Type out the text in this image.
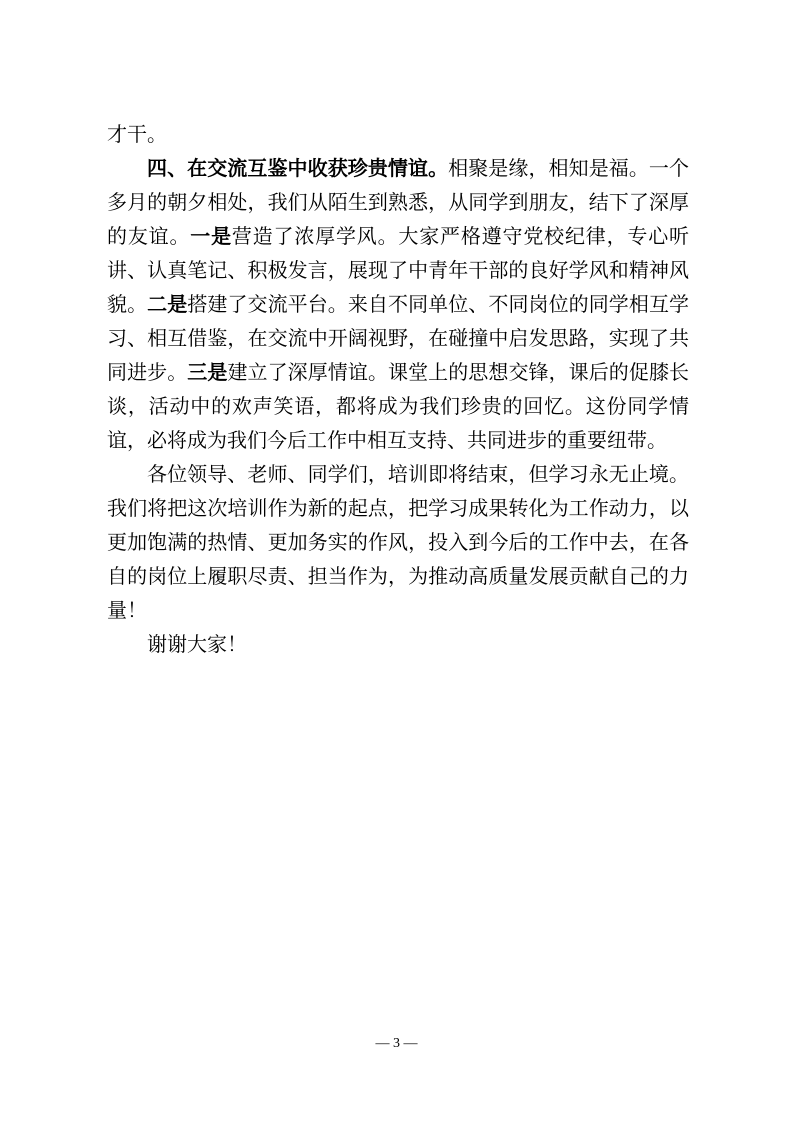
才干。

四、在交流互鉴中收获珍贵情谊。相聚是缘，相知是福。一个多月的朝夕相处，我们从陌生到熟悉，从同学到朋友，结下了深厚的友谊。一是营造了浓厚学风。大家严格遵守党校纪律，专心听讲、认真笔记、积极发言，展现了中青年干部的良好学风和精神风貌。二是搭建了交流平台。来自不同单位、不同岗位的同学相互学习、相互借鉴，在交流中开阔视野，在碰撞中启发思路，实现了共同进步。三是建立了深厚情谊。课堂上的思想交锋，课后的促膝长谈，活动中的欢声笑语，都将成为我们珍贵的回忆。这份同学情谊，必将成为我们今后工作中相互支持、共同进步的重要纽带。

各位领导、老师、同学们，培训即将结束，但学习永无止境。我们将把这次培训作为新的起点，把学习成果转化为工作动力，以更加饱满的热情、更加务实的作风，投入到今后的工作中去，在各自的岗位上履职尽责、担当作为，为推动高质量发展贡献自己的力量！

谢谢大家！

— 3 —
